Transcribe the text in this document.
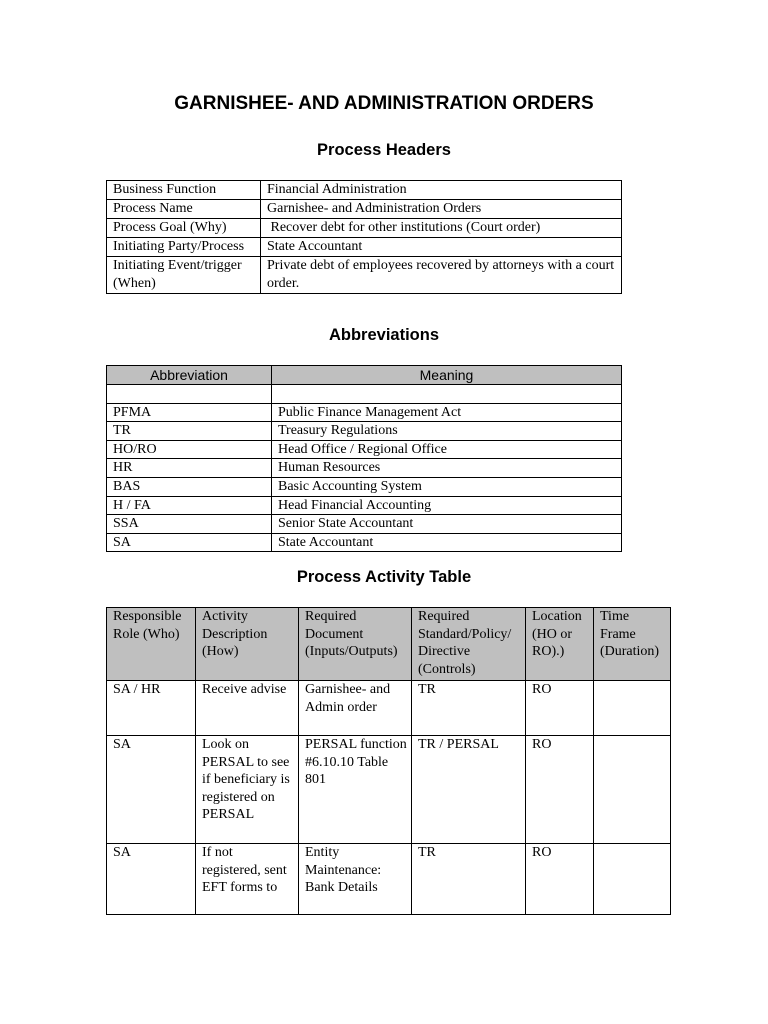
GARNISHEE- AND ADMINISTRATION ORDERS
Process Headers
Business Function	Financial Administration
Process Name	Garnishee- and Administration Orders
Process Goal (Why)	Recover debt for other institutions (Court order)
Initiating Party/Process	State Accountant
Initiating Event/trigger (When)	Private debt of employees recovered by attorneys with a court order.
Abbreviations
Abbreviation	Meaning

PFMA	Public Finance Management Act
TR	Treasury Regulations
HO/RO	Head Office / Regional Office
HR	Human Resources
BAS	Basic Accounting System
H / FA	Head Financial Accounting
SSA	Senior State Accountant
SA	State Accountant
Process Activity Table
Responsible Role (Who)	Activity Description (How)	Required Document (Inputs/Outputs)	Required Standard/Policy/ Directive (Controls)	Location (HO or RO).)	Time Frame (Duration)
SA / HR	Receive advise	Garnishee- and Admin order	TR	RO	
SA	Look on PERSAL to see if beneficiary is registered on PERSAL	PERSAL function #6.10.10 Table 801	TR / PERSAL	RO	
SA	If not registered, sent EFT forms to	Entity Maintenance: Bank Details	TR	RO	
